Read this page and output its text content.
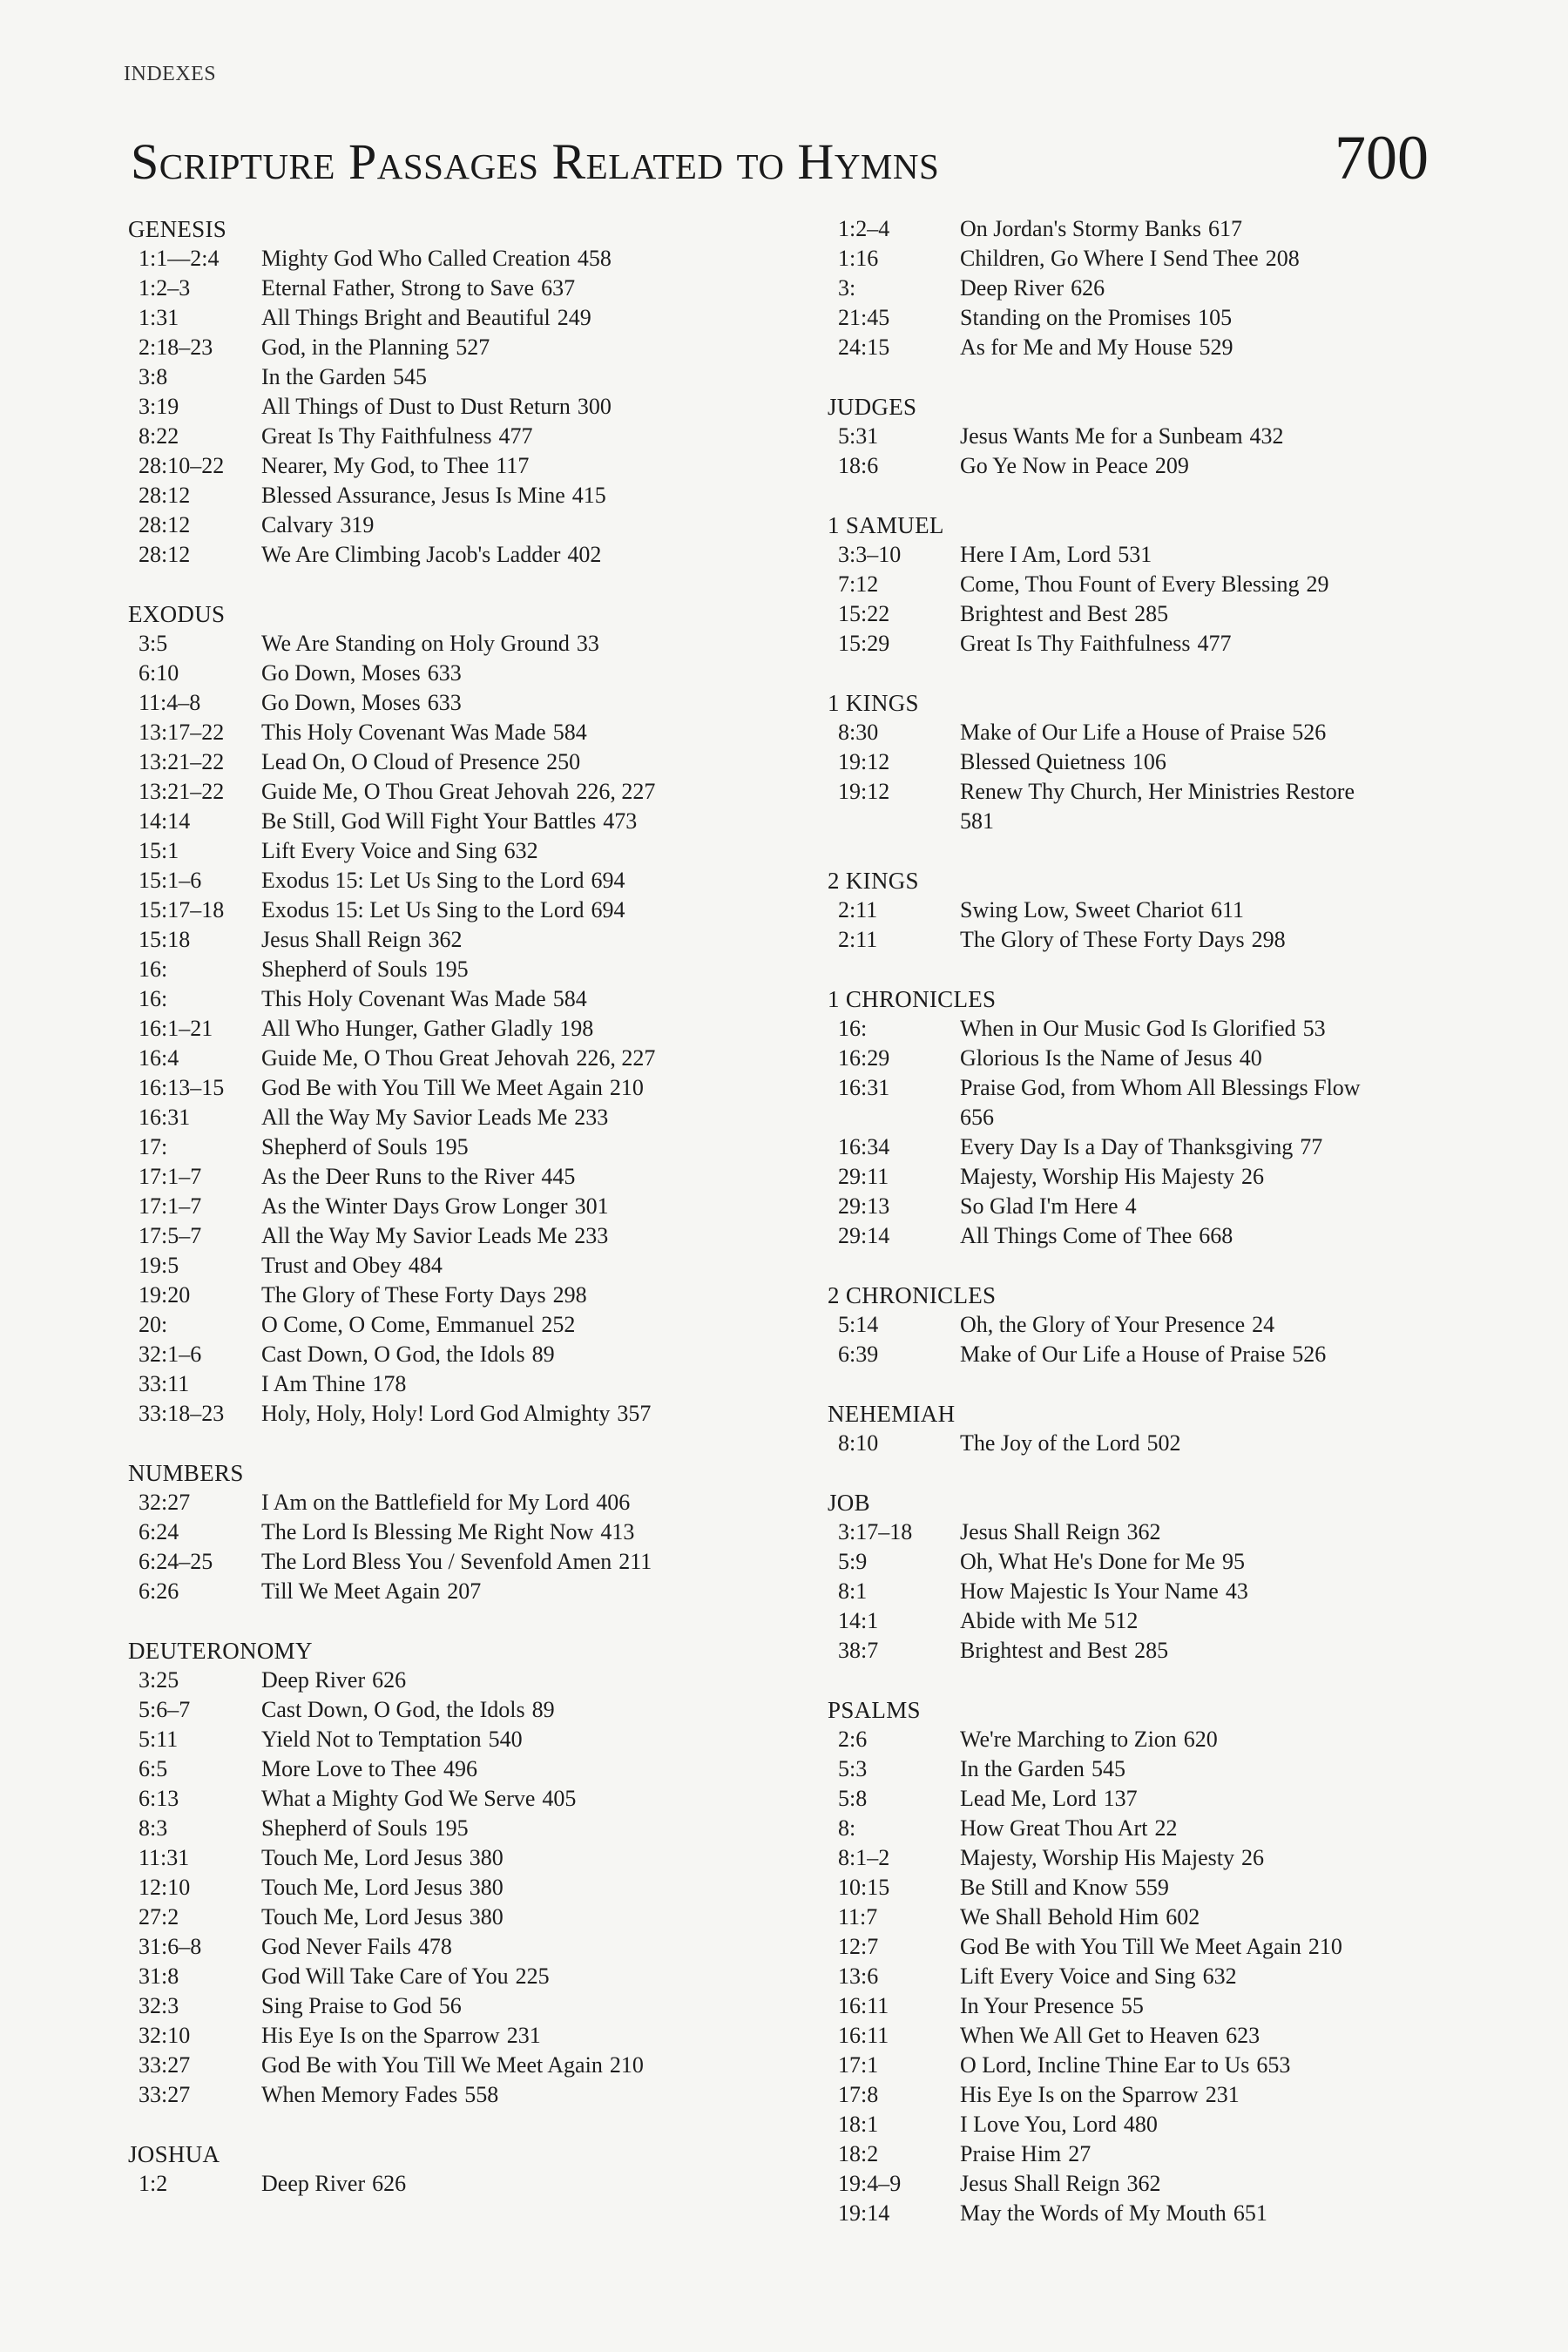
INDEXES
Scripture Passages Related to Hymns	700
GENESIS
1:1—2:4	Mighty God Who Called Creation 458
1:2–3	Eternal Father, Strong to Save 637
1:31	All Things Bright and Beautiful 249
2:18–23	God, in the Planning 527
3:8	In the Garden 545
3:19	All Things of Dust to Dust Return 300
8:22	Great Is Thy Faithfulness 477
28:10–22	Nearer, My God, to Thee 117
28:12	Blessed Assurance, Jesus Is Mine 415
28:12	Calvary 319
28:12	We Are Climbing Jacob's Ladder 402
EXODUS
3:5	We Are Standing on Holy Ground 33
6:10	Go Down, Moses 633
11:4–8	Go Down, Moses 633
13:17–22	This Holy Covenant Was Made 584
13:21–22	Lead On, O Cloud of Presence 250
13:21–22	Guide Me, O Thou Great Jehovah 226, 227
14:14	Be Still, God Will Fight Your Battles 473
15:1	Lift Every Voice and Sing 632
15:1–6	Exodus 15: Let Us Sing to the Lord 694
15:17–18	Exodus 15: Let Us Sing to the Lord 694
15:18	Jesus Shall Reign 362
16:	Shepherd of Souls 195
16:	This Holy Covenant Was Made 584
16:1–21	All Who Hunger, Gather Gladly 198
16:4	Guide Me, O Thou Great Jehovah 226, 227
16:13–15	God Be with You Till We Meet Again 210
16:31	All the Way My Savior Leads Me 233
17:	Shepherd of Souls 195
17:1–7	As the Deer Runs to the River 445
17:1–7	As the Winter Days Grow Longer 301
17:5–7	All the Way My Savior Leads Me 233
19:5	Trust and Obey 484
19:20	The Glory of These Forty Days 298
20:	O Come, O Come, Emmanuel 252
32:1–6	Cast Down, O God, the Idols 89
33:11	I Am Thine 178
33:18–23	Holy, Holy, Holy! Lord God Almighty 357
NUMBERS
32:27	I Am on the Battlefield for My Lord 406
6:24	The Lord Is Blessing Me Right Now 413
6:24–25	The Lord Bless You / Sevenfold Amen 211
6:26	Till We Meet Again 207
DEUTERONOMY
3:25	Deep River 626
5:6–7	Cast Down, O God, the Idols 89
5:11	Yield Not to Temptation 540
6:5	More Love to Thee 496
6:13	What a Mighty God We Serve 405
8:3	Shepherd of Souls 195
11:31	Touch Me, Lord Jesus 380
12:10	Touch Me, Lord Jesus 380
27:2	Touch Me, Lord Jesus 380
31:6–8	God Never Fails 478
31:8	God Will Take Care of You 225
32:3	Sing Praise to God 56
32:10	His Eye Is on the Sparrow 231
33:27	God Be with You Till We Meet Again 210
33:27	When Memory Fades 558
JOSHUA
1:2	Deep River 626
1:2–4	On Jordan's Stormy Banks 617
1:16	Children, Go Where I Send Thee 208
3:	Deep River 626
21:45	Standing on the Promises 105
24:15	As for Me and My House 529
JUDGES
5:31	Jesus Wants Me for a Sunbeam 432
18:6	Go Ye Now in Peace 209
1 SAMUEL
3:3–10	Here I Am, Lord 531
7:12	Come, Thou Fount of Every Blessing 29
15:22	Brightest and Best 285
15:29	Great Is Thy Faithfulness 477
1 KINGS
8:30	Make of Our Life a House of Praise 526
19:12	Blessed Quietness 106
19:12	Renew Thy Church, Her Ministries Restore
581
2 KINGS
2:11	Swing Low, Sweet Chariot 611
2:11	The Glory of These Forty Days 298
1 CHRONICLES
16:	When in Our Music God Is Glorified 53
16:29	Glorious Is the Name of Jesus 40
16:31	Praise God, from Whom All Blessings Flow
656
16:34	Every Day Is a Day of Thanksgiving 77
29:11	Majesty, Worship His Majesty 26
29:13	So Glad I'm Here 4
29:14	All Things Come of Thee 668
2 CHRONICLES
5:14	Oh, the Glory of Your Presence 24
6:39	Make of Our Life a House of Praise 526
NEHEMIAH
8:10	The Joy of the Lord 502
JOB
3:17–18	Jesus Shall Reign 362
5:9	Oh, What He's Done for Me 95
8:1	How Majestic Is Your Name 43
14:1	Abide with Me 512
38:7	Brightest and Best 285
PSALMS
2:6	We're Marching to Zion 620
5:3	In the Garden 545
5:8	Lead Me, Lord 137
8:	How Great Thou Art 22
8:1–2	Majesty, Worship His Majesty 26
10:15	Be Still and Know 559
11:7	We Shall Behold Him 602
12:7	God Be with You Till We Meet Again 210
13:6	Lift Every Voice and Sing 632
16:11	In Your Presence 55
16:11	When We All Get to Heaven 623
17:1	O Lord, Incline Thine Ear to Us 653
17:8	His Eye Is on the Sparrow 231
18:1	I Love You, Lord 480
18:2	Praise Him 27
19:4–9	Jesus Shall Reign 362
19:14	May the Words of My Mouth 651
